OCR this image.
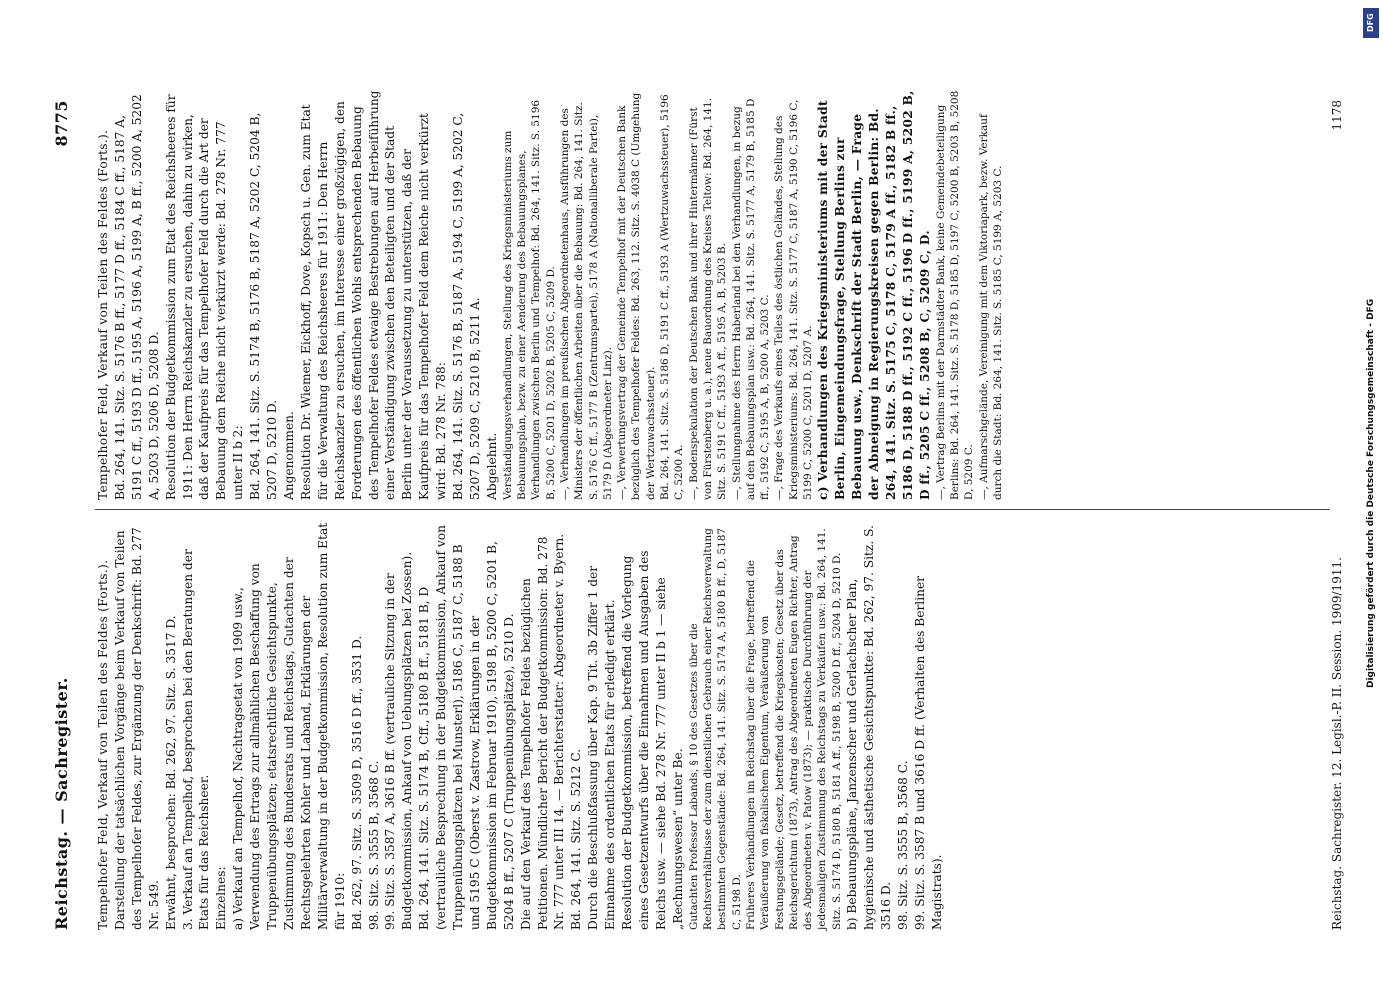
Reichstag. — Sachregister.
8775
Tempelhofer Feld, Verkauf von Teilen des Feldes (Forts.). Darstellung der tatsächlichen Vorgänge beim Verkauf von Teilen des Tempelhofer Feldes, zur Ergänzung der Denkschrift: Bd. 277 Nr. 549. Erwähnt, besprochen: Bd. 262, 97. Sitz. S. 3517 D. 3. Verkauf an Tempelhof, besprochen bei den Beratungen der Etats für das Reichsheer. Einzelnes: a) Verkauf an Tempelhof, Nachtragsetat von 1909 usw., Verwendung des Ertrags zur allmählichen Beschaffung von Truppenübungsplätzen; etatsrechtliche Gesichtspunkte, Zustimmung des Bundesrats und Reichstags, Gutachten der Rechtsgelehrten Kohler und Laband, Erklärungen der Militärverwaltung in der Budgetkommission, Resolution zum Etat für 1910: Bd. 262, 97. Sitz. S. 3509 D, 3516 D ff., 3531 D. 98. Sitz. S. 3555 B, 3568 C. 99. Sitz. S. 3587 A, 3616 B ff. (vertrauliche Sitzung in der Budgetkommission, Ankauf von Uebungsplätzen bei Zossen). Bd. 264, 141. Sitz. S. 5174 B, Cff., 5180 B ff., 5181 B, D (vertrauliche Besprechung in der Budgetkommission, Ankauf von Truppenübungsplätzen bei Munsterl), 5186 C, 5187 C, 5188 B und 5195 C (Oberst v. Zastrow, Erklärungen in der Budgetkommission im Februar 1910), 5198 B, 5200 C, 5201 B, 5204 B ff., 5207 C (Truppenübungsplätze), 5210 D. Die auf den Verkauf des Tempelhofer Feldes bezüglichen Petitionen. Mündlicher Bericht der Budgetkommission: Bd. 278 Nr. 777 unter III 14. — Berichterstatter: Abgeordneter v. Byern. Bd. 264, 141. Sitz. S. 5212 C. Durch die Beschlußfassung über Kap. 9 Tit. 3b Ziffer 1 der Einnahme des ordentlichen Etats für erledigt erklärt. Resolution der Budgetkommission, betreffend die Vorlegung eines Gesetzentwurfs über die Einnahmen und Ausgaben des Reichs usw. — siehe Bd. 278 Nr. 777 unter II b 1 — siehe „Rechnungswesen“ unter Be. Gutachten Professor Labands, § 10 des Gesetzes über die Rechtsverhältnisse der zum dienstlichen Gebrauch einer Reichsverwaltung bestimmten Gegenstände: Bd. 264, 141. Sitz. S. 5174 A, 5180 B ff., D, 5187 C, 5198 D. Früheres Verhandlungen im Reichstag über die Frage, betreffend die Veräußerung von fiskalischem Eigentum, Veräußerung von Festungsgelände; Gesetz, betreffend die Kriegskosten; Gesetz über das Reichsgerichtum (1873), Antrag des Abgeordneten Eugen Richter, Antrag des Abgeordneten v. Patow (1873); — praktische Durchführung der jedesmaligen Zustimmung des Reichstags zu Verkäufen usw.: Bd. 264, 141. Sitz. S. 5174 D, 5180 B, 5181 A ff., 5198 B, 5200 D ff., 5204 D, 5210 D. b) Bebauungspläne, Janzenscher und Gerlachscher Plan, hygienische und ästhetische Gesichtspunkte: Bd. 262, 97. Sitz. S. 3516 D. 98. Sitz. S. 3555 B, 3568 C. 99. Sitz. S. 3587 B und 3616 D ff. (Verhalten des Berliner Magistrats).
Tempelhofer Feld, Verkauf von Teilen des Feldes (Forts.). Bd. 264, 141. Sitz. S. 5176 B ff., 5177 D ff., 5184 C ff., 5187 A, 5191 C ff., 5193 D ff., 5195 A, 5196 A, 5199 A, B ff., 5200 A, 5202 A, 5203 D, 5206 D, 5208 D. Resolution der Budgetkommission zum Etat des Reichsheeres für 1911: Den Herrn Reichskanzler zu ersuchen, dahin zu wirken, daß der Kaufpreis für das Tempelhofer Feld durch die Art der Bebauung dem Reiche nicht verkürzt werde: Bd. 278 Nr. 777 unter II b 2: Bd. 264, 141. Sitz. S. 5174 B, 5176 B, 5187 A, 5202 C, 5204 B, 5207 D, 5210 D. Angenommen. Resolution Dr. Wiemer, Eickhoff, Dove, Kopsch u. Gen. zum Etat für die Verwaltung des Reichsheeres für 1911: Den Herrn Reichskanzler zu ersuchen, im Interesse einer großzügigen, den Forderungen des öffentlichen Wohls entsprechenden Bebauung des Tempelhofer Feldes etwaige Bestrebungen auf Herbeiführung einer Verständigung zwischen den Beteiligten und der Stadt Berlin unter der Voraussetzung zu unterstützen, daß der Kaufpreis für das Tempelhofer Feld dem Reiche nicht verkürzt wird: Bd. 278 Nr. 788: Bd. 264, 141. Sitz. S. 5176 B, 5187 A, 5194 C, 5199 A, 5202 C, 5207 D, 5209 C, 5210 B, 5211 A. Abgelehnt. Verständigungsverhandlungen, Stellung des Kriegsministeriums zum Bebauungsplan, bezw. zu einer Aenderung des Bebauungsplanes, Verhandlungen zwischen Berlin und Tempelhof: Bd. 264, 141. Sitz. S. 5196 B, 5200 C, 5201 D, 5202 B, 5205 C, 5209 D. —, Verhandlungen im preußischen Abgeordnetenhaus, Ausführungen des Ministers der öffentlichen Arbeiten über die Bebauung: Bd. 264, 141. Sitz. S. 5176 C ff., 5177 B (Zentrumspartei), 5178 A (Nationalliberale Partei), 5179 D (Abgeordneter Linz). —, Verwertungsvertrag der Gemeinde Tempelhof mit der Deutschen Bank bezüglich des Tempelhofer Feldes: Bd. 263, 112. Sitz. S. 4038 C (Umgehung der Wertzuwachssteuer). Bd. 264, 141. Sitz. S. 5186 D, 5191 C ff., 5193 A (Wertzuwachssteuer), 5196 C, 5200 A. —, Bodenspekulation der Deutschen Bank und ihrer Hintermänner (Fürst von Fürstenberg u. a.), neue Bauordnung des Kreises Teltow: Bd. 264, 141. Sitz. S. 5191 C ff., 5193 A ff., 5195 A, B, 5203 B. —, Stellungnahme des Herrn Haberland bei den Verhandlungen, in bezug auf den Bebauungsplan usw.: Bd. 264, 141. Sitz. S. 5177 A, 5179 B, 5185 D ff., 5192 C, 5195 A, B, 5200 A, 5203 C. —, Frage des Verkaufs eines Teiles des östlichen Geländes, Stellung des Kriegsministeriums: Bd. 264, 141. Sitz. S. 5177 C, 5187 A, 5190 C, 5196 C, 5199 C, 5200 C, 5201 D, 5207 A. c) Verhandlungen des Kriegsministeriums mit der Stadt Berlin, Eingemeindungsfrage, Stellung Berlins zur Bebauung usw., Denkschrift der Stadt Berlin, — Frage der Abneigung in Regierungskreisen gegen Berlin: Bd. 264, 141. Sitz. S. 5175 C, 5178 C, 5179 A ff., 5182 B ff., 5186 D, 5188 D ff., 5192 C ff., 5196 D ff., 5199 A, 5202 B, D ff., 5205 C ff., 5208 B, C, 5209 C, D. —, Vertrag Berlins mit der Darmstädter Bank, keine Gemeindebeteiligung Berlins: Bd. 264, 141. Sitz. S. 5178 D, 5185 D, 5197 C, 5200 B, 5203 B, 5208 D, 5209 C. —, Aufmarschgelände, Vereinigung mit dem Viktoriapark, bezw. Verkauf durch die Stadt: Bd. 264, 141. Sitz. S. 5185 C, 5199 A, 5203 C.
Reichstag. Sachregister. 12. Legisl.-P. II. Session. 1909/1911.
1178
DFG
Digitalisierung gefördert durch die Deutsche Forschungsgemeinschaft - DFG
